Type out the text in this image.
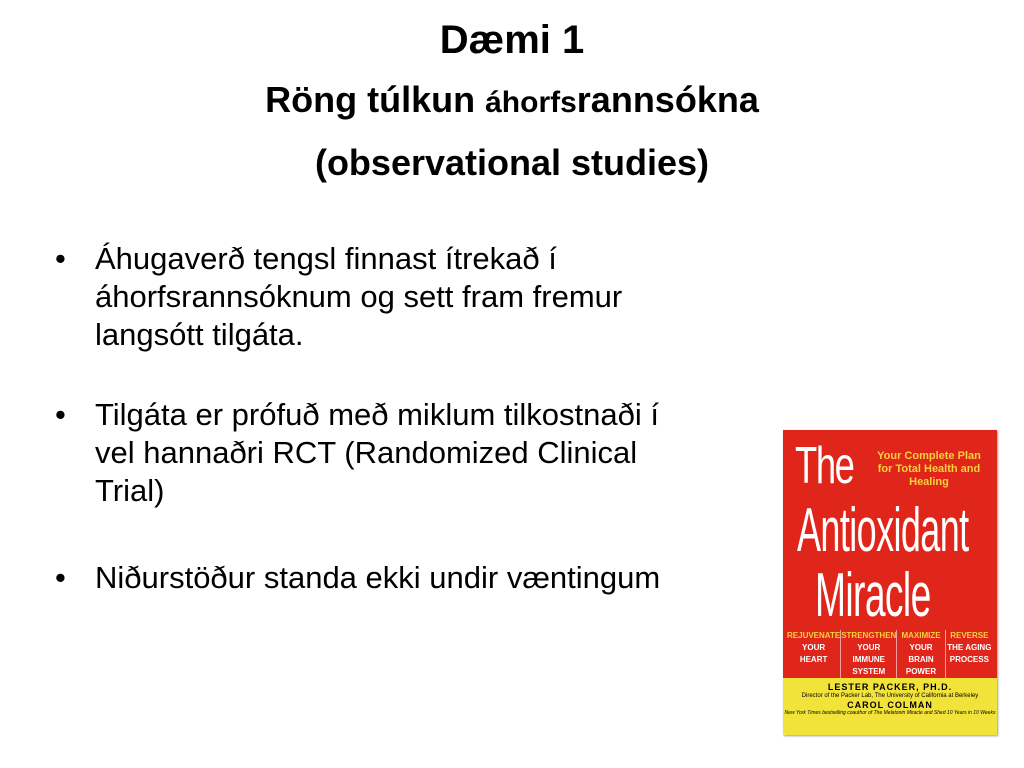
Dæmi 1
Röng túlkun áhorfsrannsókna
(observational studies)
• Áhugaverð tengsl finnast ítrekað í áhorfsrannsóknum og sett fram fremur langsótt tilgáta.
• Tilgáta er prófuð með miklum tilkostnaði í vel hannaðri RCT (Randomized Clinical Trial)
• Niðurstöður standa ekki undir væntingum
The	Your Complete Plan for Total Health and Healing
Antioxidant
Miracle
REJUVENATE
YOUR
HEART
STRENGTHEN
YOUR IMMUNE
SYSTEM
MAXIMIZE
YOUR BRAIN
POWER
REVERSE
THE AGING
PROCESS
LESTER PACKER, PH.D.
Director of the Packer Lab, The University of California at Berkeley
CAROL COLMAN
New York Times bestselling coauthor of The Melatonin Miracle and Shed 10 Years in 10 Weeks
